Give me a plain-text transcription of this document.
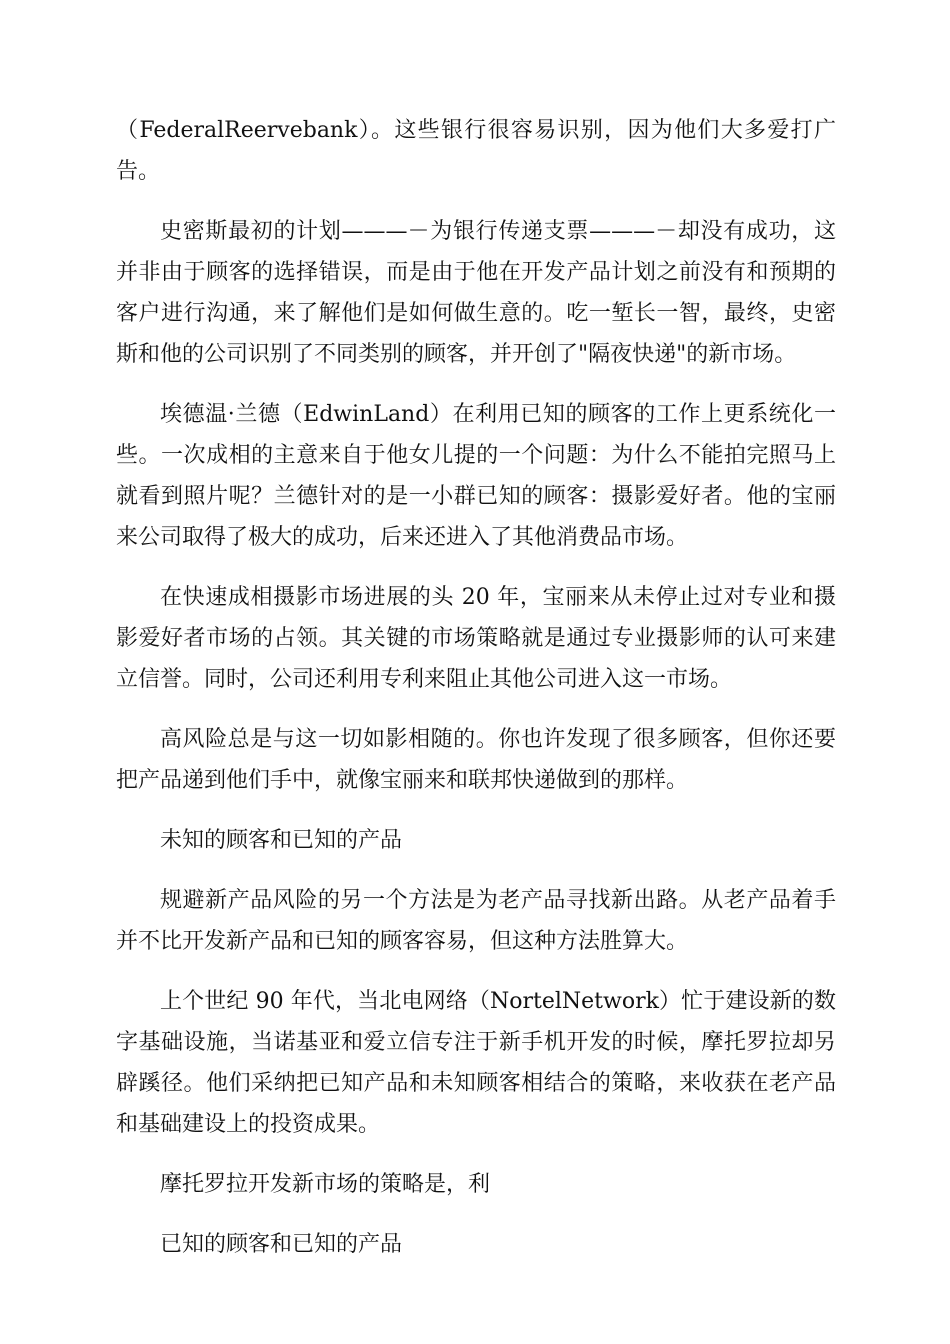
（FederalReervebank）。这些银行很容易识别，因为他们大多爱打广告。

史密斯最初的计划———－为银行传递支票———－却没有成功，这并非由于顾客的选择错误，而是由于他在开发产品计划之前没有和预期的客户进行沟通，来了解他们是如何做生意的。吃一堑长一智，最终，史密斯和他的公司识别了不同类别的顾客，并开创了"隔夜快递"的新市场。

埃德温·兰德（EdwinLand）在利用已知的顾客的工作上更系统化一些。一次成相的主意来自于他女儿提的一个问题：为什么不能拍完照马上就看到照片呢？兰德针对的是一小群已知的顾客：摄影爱好者。他的宝丽来公司取得了极大的成功，后来还进入了其他消费品市场。

在快速成相摄影市场进展的头 20 年，宝丽来从未停止过对专业和摄影爱好者市场的占领。其关键的市场策略就是通过专业摄影师的认可来建立信誉。同时，公司还利用专利来阻止其他公司进入这一市场。

高风险总是与这一切如影相随的。你也许发现了很多顾客，但你还要把产品递到他们手中，就像宝丽来和联邦快递做到的那样。

未知的顾客和已知的产品

规避新产品风险的另一个方法是为老产品寻找新出路。从老产品着手并不比开发新产品和已知的顾客容易，但这种方法胜算大。

上个世纪 90 年代，当北电网络（NortelNetwork）忙于建设新的数字基础设施，当诺基亚和爱立信专注于新手机开发的时候，摩托罗拉却另辟蹊径。他们采纳把已知产品和未知顾客相结合的策略，来收获在老产品和基础建设上的投资成果。

摩托罗拉开发新市场的策略是，利

已知的顾客和已知的产品
